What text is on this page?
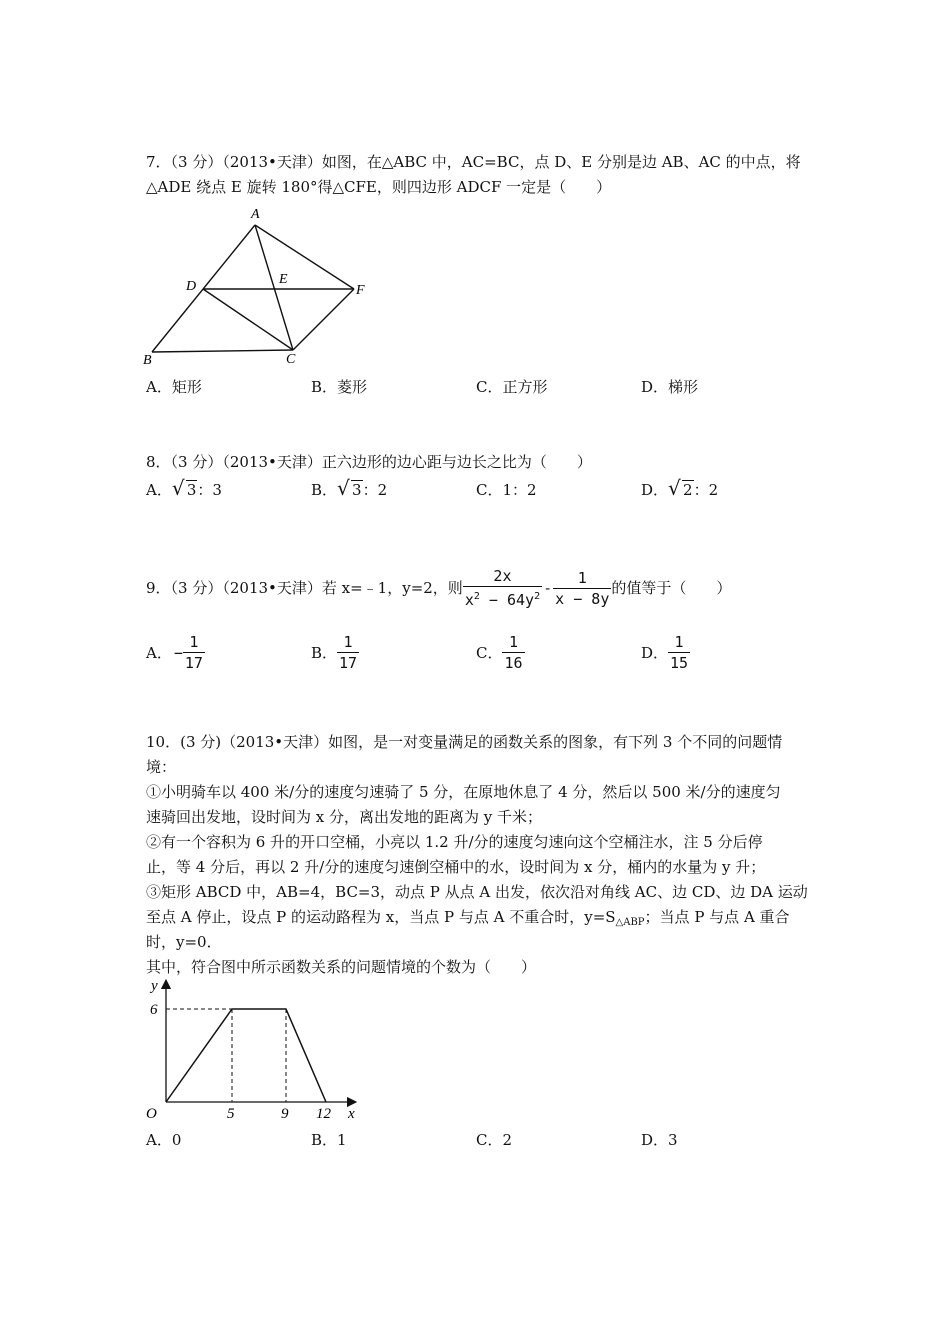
7．（3 分）（2013•天津）如图，在△ABC 中，AC=BC，点 D、E 分别是边 AB、AC 的中点，将
△ADE 绕点 E 旋转 180°得△CFE，则四边形 ADCF 一定是（　　）
A
D	E
F
B	C
A．矩形	B．菱形	C．正方形	D．梯形
8．（3 分）（2013•天津）正六边形的边心距与边长之比为（　　）
A． √ 3：3	B． √ 3：2	C．1：2	D． √ 2：2
9．（3 分）（2013•天津）若 x=﹣1，y=2，则 $\frac{2x}{x^2 - 64y^2} - \frac{1}{x - 8y}$ 的值等于（　　）
A． − $\frac{1}{17}$	B． $\frac{1}{17}$	C． $\frac{1}{16}$	D． $\frac{1}{15}$
10．(3 分)（2013•天津）如图，是一对变量满足的函数关系的图象，有下列 3 个不同的问题情
境：
①小明骑车以 400 米/分的速度匀速骑了 5 分，在原地休息了 4 分，然后以 500 米/分的速度匀
速骑回出发地，设时间为 x 分，离出发地的距离为 y 千米；
②有一个容积为 6 升的开口空桶，小亮以 1.2 升/分的速度匀速向这个空桶注水，注 5 分后停
止，等 4 分后，再以 2 升/分的速度匀速倒空桶中的水，设时间为 x 分，桶内的水量为 y 升；
③矩形 ABCD 中，AB=4，BC=3，动点 P 从点 A 出发，依次沿对角线 AC、边 CD、边 DA 运动
至点 A 停止，设点 P 的运动路程为 x，当点 P 与点 A 不重合时，$y=S_{\triangle ABP}$；当点 P 与点 A 重合
时，y=0．
其中，符合图中所示函数关系的问题情境的个数为（　　）
y
x
O
6
5	9 12
A．0	B．1	C．2	D．3
